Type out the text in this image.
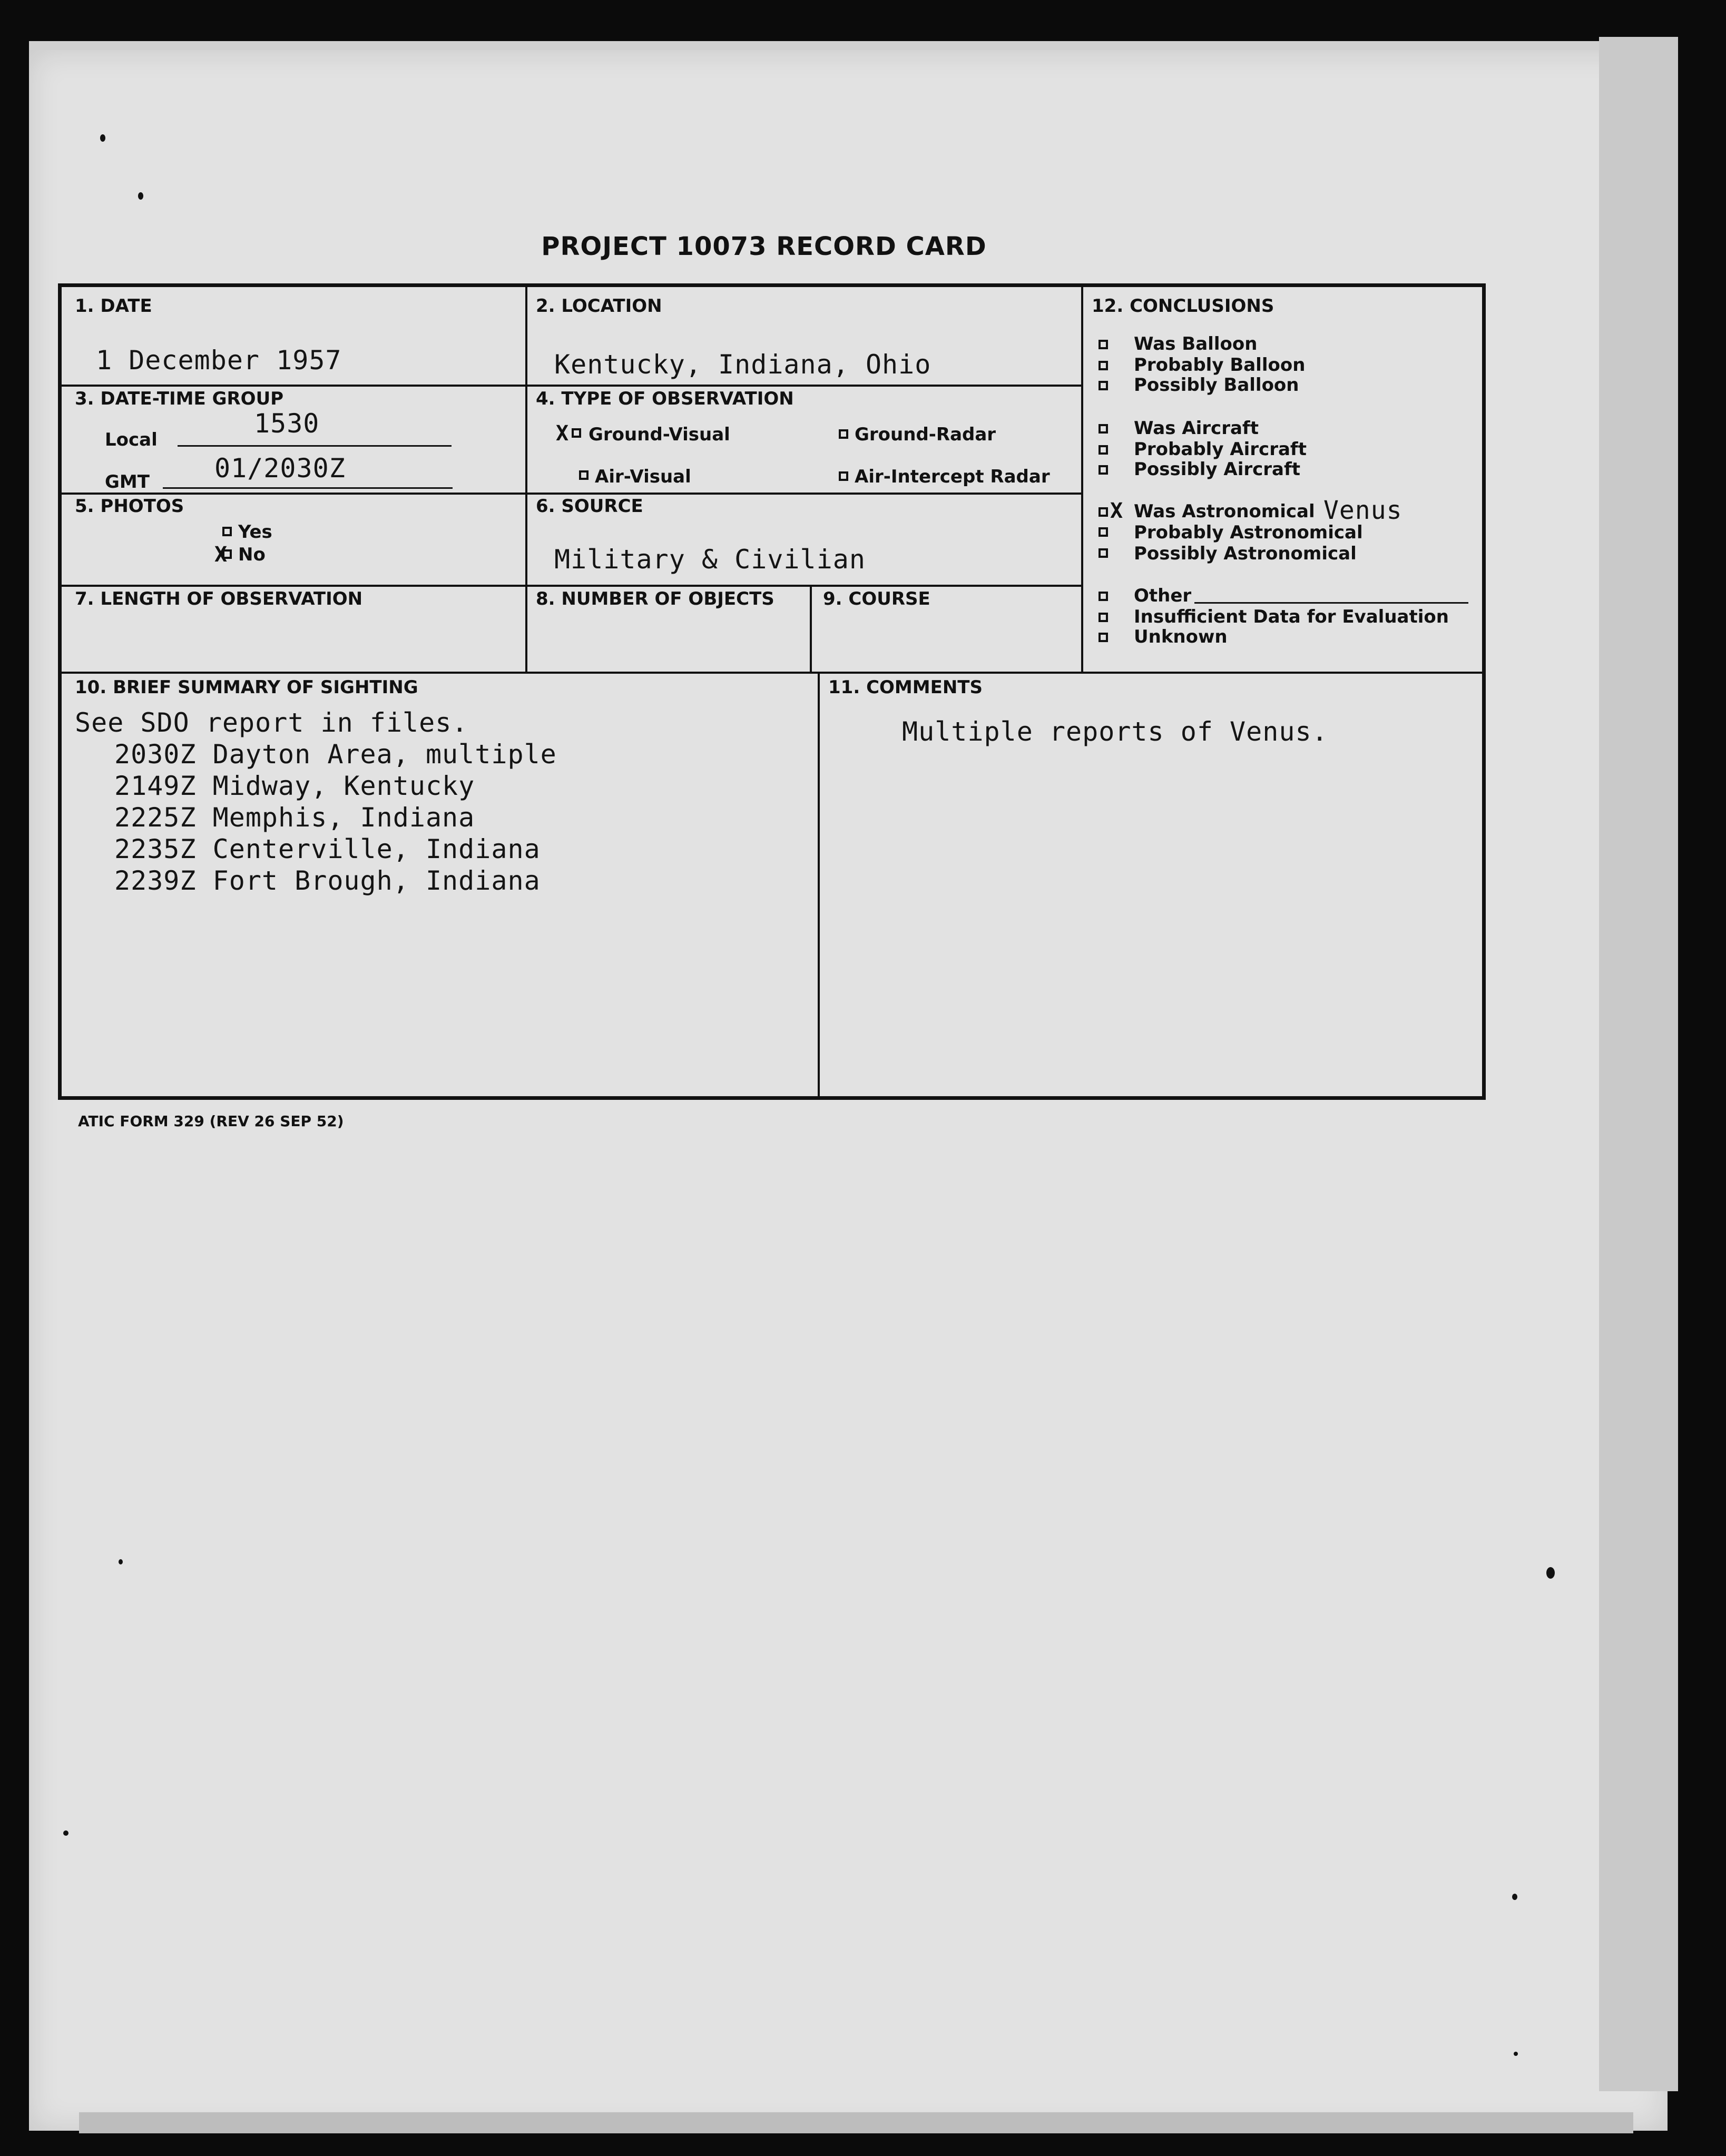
PROJECT 10073 RECORD CARD
1. DATE
1 December 1957
2. LOCATION
Kentucky, Indiana, Ohio
3. DATE-TIME GROUP
Local
1530
GMT 01/2030Z
4. TYPE OF OBSERVATION
X Ground-Visual	Ground-Radar
Air-Visual	Air-Intercept Radar
5. PHOTOS
Yes
X No
6. SOURCE
Military & Civilian
7. LENGTH OF OBSERVATION	8. NUMBER OF OBJECTS	9. COURSE
12. CONCLUSIONS
Was Balloon
Probably Balloon
Possibly Balloon
Was Aircraft
Probably Aircraft
Possibly Aircraft
X Was Astronomical Venus
Probably Astronomical
Possibly Astronomical
Other
Insufficient Data for Evaluation
Unknown
10. BRIEF SUMMARY OF SIGHTING
See SDO report in files.
2030Z Dayton Area, multiple
2149Z Midway, Kentucky
2225Z Memphis, Indiana
2235Z Centerville, Indiana
2239Z Fort Brough, Indiana
11. COMMENTS
Multiple reports of Venus.
ATIC FORM 329 (REV 26 SEP 52)
